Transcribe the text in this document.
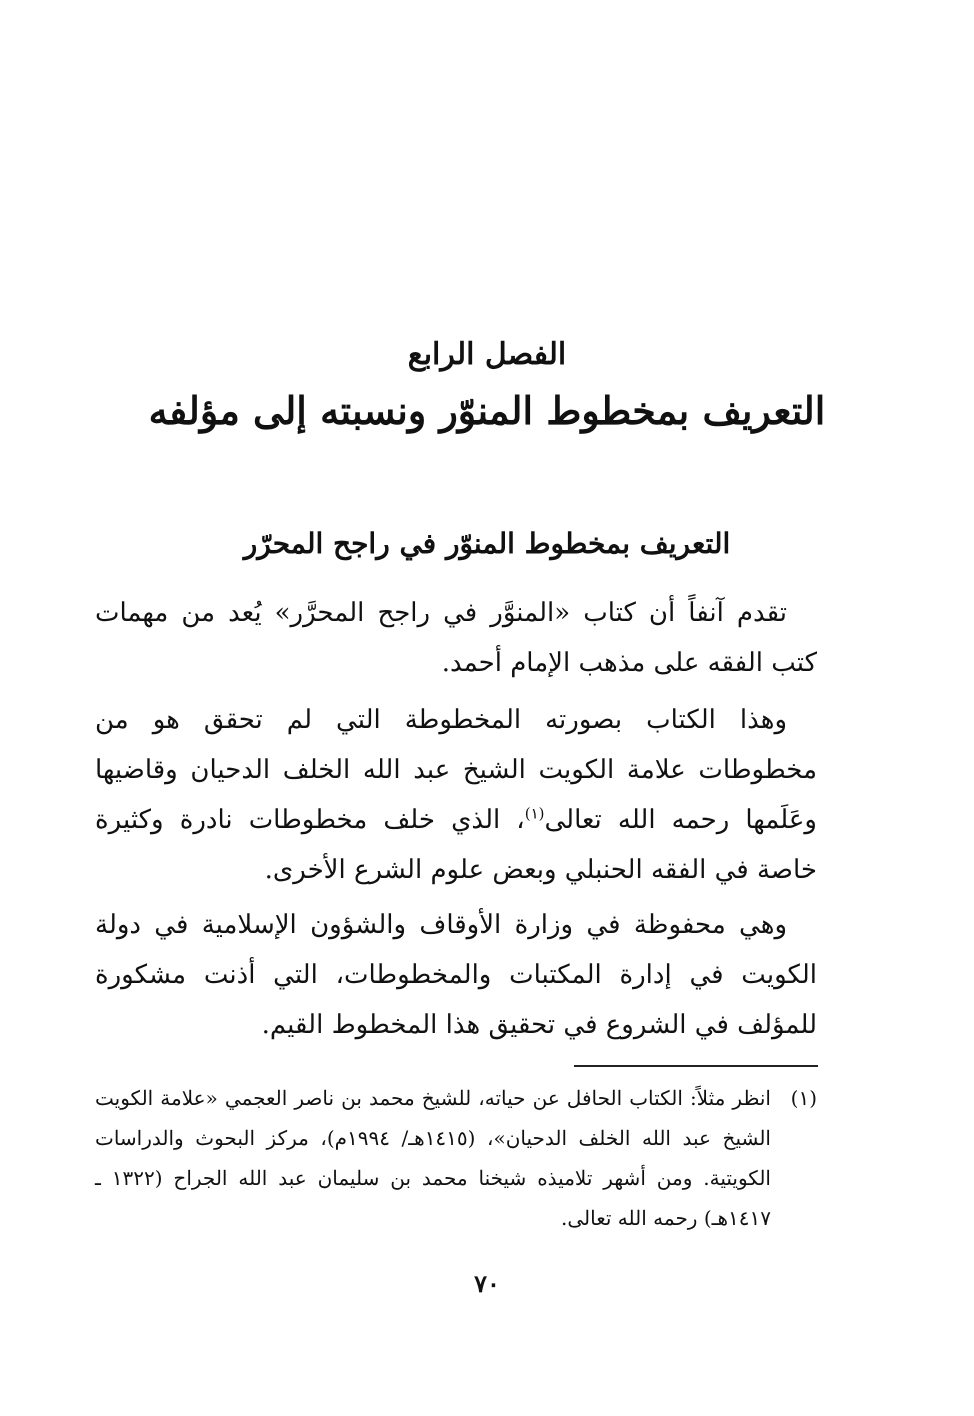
الفصل الرابع
التعريف بمخطوط المنوّر ونسبته إلى مؤلفه
التعريف بمخطوط المنوّر في راجح المحرّر

تقدم آنفاً أن كتاب «المنوَّر في راجح المحرَّر» يُعد من مهمات كتب الفقه على مذهب الإمام أحمد.

وهذا الكتاب بصورته المخطوطة التي لم تحقق هو من مخطوطات علامة الكويت الشيخ عبد الله الخلف الدحيان وقاضيها وعَلَمها رحمه الله تعالى$^{(١)}$، الذي خلف مخطوطات نادرة وكثيرة خاصة في الفقه الحنبلي وبعض علوم الشرع الأخرى.

وهي محفوظة في وزارة الأوقاف والشؤون الإسلامية في دولة الكويت في إدارة المكتبات والمخطوطات، التي أذنت مشكورة للمؤلف في الشروع في تحقيق هذا المخطوط القيم.

(١)
انظر مثلاً: الكتاب الحافل عن حياته، للشيخ محمد بن ناصر العجمي «علامة الكويت الشيخ عبد الله الخلف الدحيان»، (١٤١٥هـ/ ١٩٩٤م)، مركز البحوث والدراسات الكويتية. ومن أشهر تلاميذه شيخنا محمد بن سليمان عبد الله الجراح (١٣٢٢ ـ ١٤١٧هـ) رحمه الله تعالى.
٧٠
